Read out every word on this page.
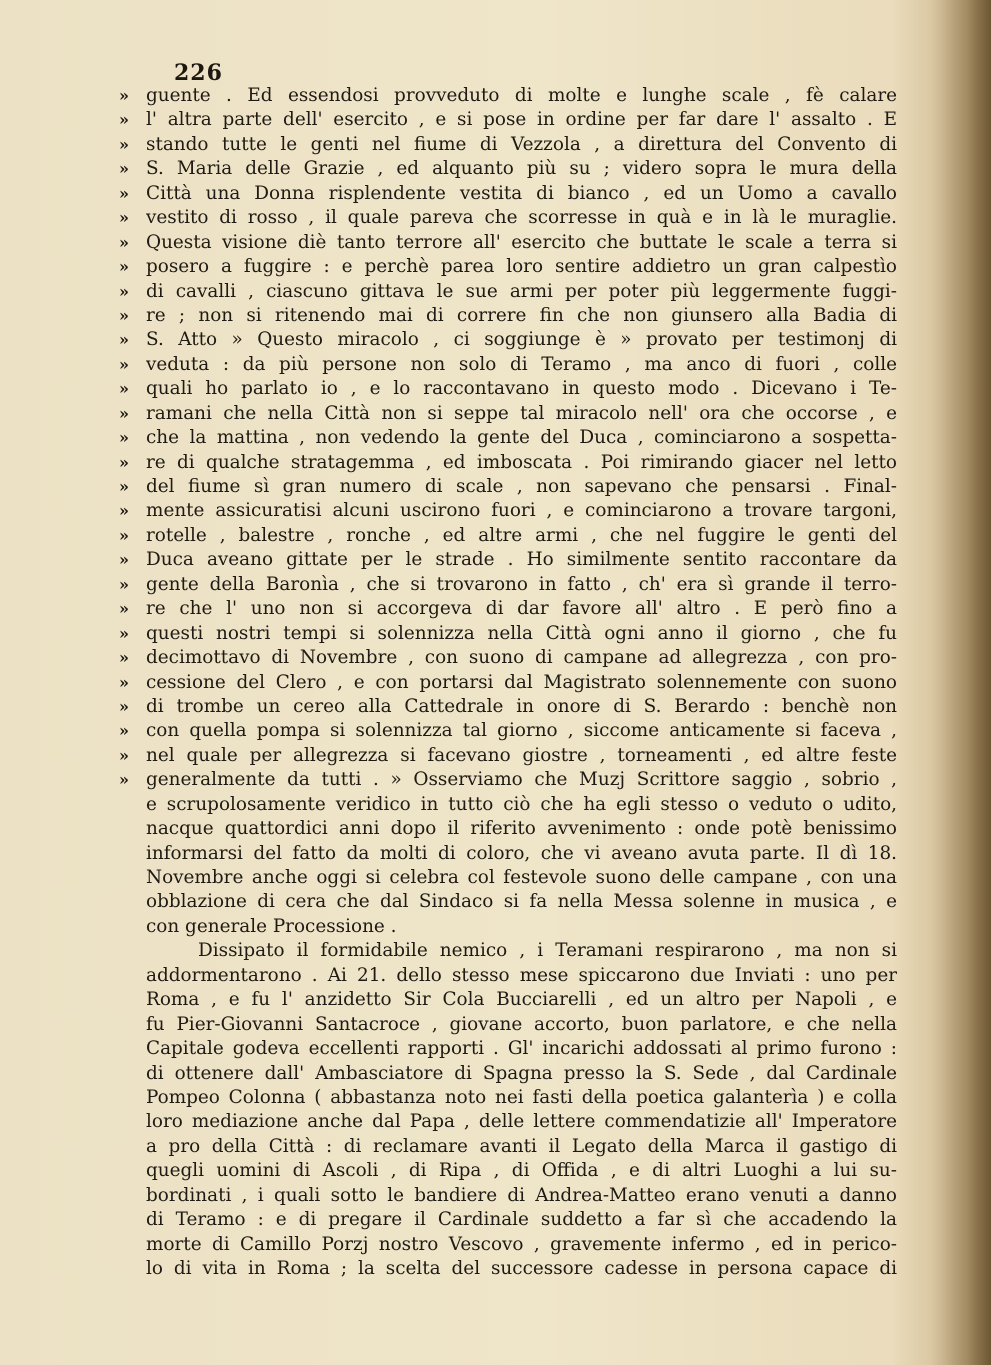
226
» guente . Ed essendosi provveduto di molte e lunghe scale , fè calare
» l' altra parte dell' esercito , e si pose in ordine per far dare l' assalto . E
» stando tutte le genti nel fiume di Vezzola , a direttura del Convento di
» S. Maria delle Grazie , ed alquanto più su ; videro sopra le mura della
» Città una Donna risplendente vestita di bianco , ed un Uomo a cavallo
» vestito di rosso , il quale pareva che scorresse in quà e in là le muraglie.
» Questa visione diè tanto terrore all' esercito che buttate le scale a terra si
» posero a fuggire : e perchè parea loro sentire addietro un gran calpestìo
» di cavalli , ciascuno gittava le sue armi per poter più leggermente fuggi-
» re ; non si ritenendo mai di correre fin che non giunsero alla Badia di
» S. Atto » Questo miracolo , ci soggiunge è » provato per testimonj di
» veduta : da più persone non solo di Teramo , ma anco di fuori , colle
» quali ho parlato io , e lo raccontavano in questo modo . Dicevano i Te-
» ramani che nella Città non si seppe tal miracolo nell' ora che occorse , e
» che la mattina , non vedendo la gente del Duca , cominciarono a sospetta-
» re di qualche stratagemma , ed imboscata . Poi rimirando giacer nel letto
» del fiume sì gran numero di scale , non sapevano che pensarsi . Final-
» mente assicuratisi alcuni uscirono fuori , e cominciarono a trovare targoni,
» rotelle , balestre , ronche , ed altre armi , che nel fuggire le genti del
» Duca aveano gittate per le strade . Ho similmente sentito raccontare da
» gente della Baronìa , che si trovarono in fatto , ch' era sì grande il terro-
» re che l' uno non si accorgeva di dar favore all' altro . E però fino a
» questi nostri tempi si solennizza nella Città ogni anno il giorno , che fu
» decimottavo di Novembre , con suono di campane ad allegrezza , con pro-
» cessione del Clero , e con portarsi dal Magistrato solennemente con suono
» di trombe un cereo alla Cattedrale in onore di S. Berardo : benchè non
» con quella pompa si solennizza tal giorno , siccome anticamente si faceva ,
» nel quale per allegrezza si facevano giostre , torneamenti , ed altre feste
» generalmente da tutti . » Osserviamo che Muzj Scrittore saggio , sobrio ,
e scrupolosamente veridico in tutto ciò che ha egli stesso o veduto o udito,
nacque quattordici anni dopo il riferito avvenimento : onde potè benissimo
informarsi del fatto da molti di coloro, che vi aveano avuta parte. Il dì 18.
Novembre anche oggi si celebra col festevole suono delle campane , con una
obblazione di cera che dal Sindaco si fa nella Messa solenne in musica , e
con generale Processione .
Dissipato il formidabile nemico , i Teramani respirarono , ma non si
addormentarono . Ai 21. dello stesso mese spiccarono due Inviati : uno per
Roma , e fu l' anzidetto Sir Cola Bucciarelli , ed un altro per Napoli , e
fu Pier-Giovanni Santacroce , giovane accorto, buon parlatore, e che nella
Capitale godeva eccellenti rapporti . Gl' incarichi addossati al primo furono :
di ottenere dall' Ambasciatore di Spagna presso la S. Sede , dal Cardinale
Pompeo Colonna ( abbastanza noto nei fasti della poetica galanterìa ) e colla
loro mediazione anche dal Papa , delle lettere commendatizie all' Imperatore
a pro della Città : di reclamare avanti il Legato della Marca il gastigo di
quegli uomini di Ascoli , di Ripa , di Offida , e di altri Luoghi a lui su-
bordinati , i quali sotto le bandiere di Andrea-Matteo erano venuti a danno
di Teramo : e di pregare il Cardinale suddetto a far sì che accadendo la
morte di Camillo Porzj nostro Vescovo , gravemente infermo , ed in perico-
lo di vita in Roma ; la scelta del successore cadesse in persona capace di
